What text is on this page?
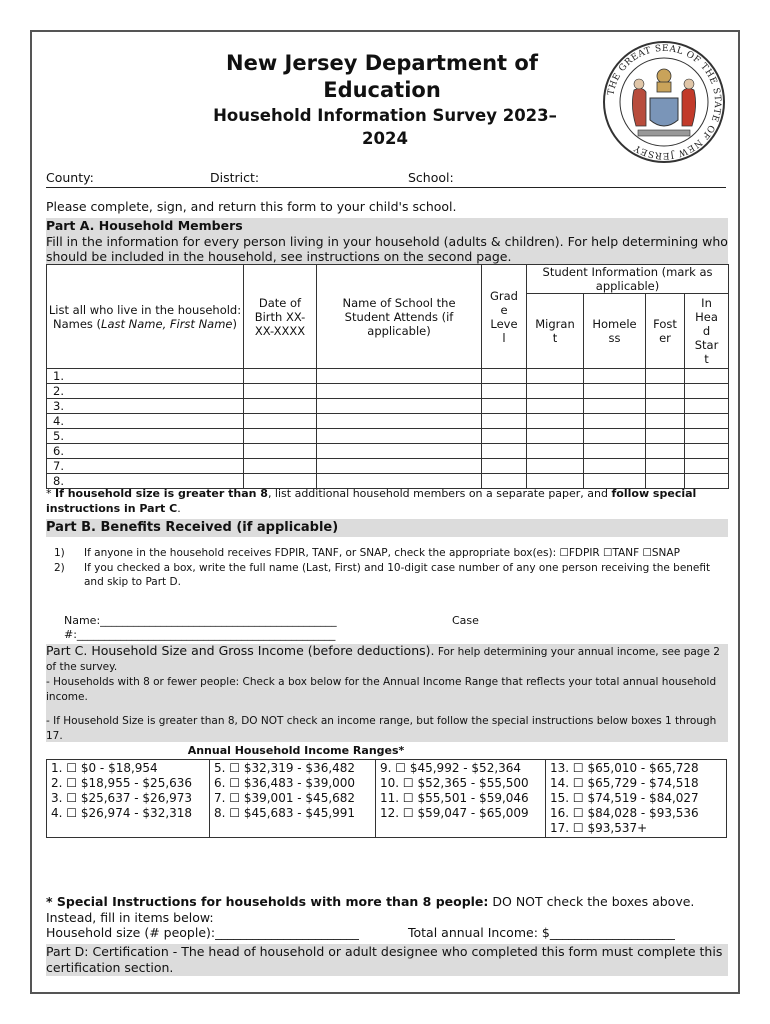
New Jersey Department of Education
Household Information Survey 2023–2024
THE GREAT SEAL OF THE STATE OF NEW JERSEY
County:	District:	School:
Please complete, sign, and return this form to your child's school.
Part A. Household Members
Fill in the information for every person living in your household (adults & children). For help determining who should be included in the household, see instructions on the second page.
List all who live in the household:
Names (Last Name, First Name)	Date of Birth XX-XX-XXXX	Name of School the Student Attends (if applicable)	Grad e Leve l	Student Information (mark as applicable)			
				Migran t	Homele ss	Fost er	In Hea d Star t
1.							
2.							
3.							
4.							
5.							
6.							
7.							
8.							
* If household size is greater than 8, list additional household members on a separate paper, and follow special instructions in Part C.
Part B. Benefits Received (if applicable)
1) If anyone in the household receives FDPIR, TANF, or SNAP, check the appropriate box(es): ☐FDPIR ☐TANF ☐SNAP
2) If you checked a box, write the full name (Last, First) and 10-digit case number of any one person receiving the benefit and skip to Part D.
Name:___________________________________________	Case
#:_______________________________________________
Part C. Household Size and Gross Income (before deductions). For help determining your annual income, see page 2 of the survey.
- Households with 8 or fewer people: Check a box below for the Annual Income Range that reflects your total annual household income.
- If Household Size is greater than 8, DO NOT check an income range, but follow the special instructions below boxes 1 through 17.
Annual Household Income Ranges*
1. ☐ $0 - $18,954
2. ☐ $18,955 - $25,636
3. ☐ $25,637 - $26,973
4. ☐ $26,974 - $32,318

5. ☐ $32,319 - $36,482
6. ☐ $36,483 - $39,000
7. ☐ $39,001 - $45,682
8. ☐ $45,683 - $45,991

9. ☐ $45,992 - $52,364
10. ☐ $52,365 - $55,500
11. ☐ $55,501 - $59,046
12. ☐ $59,047 - $65,009

13. ☐ $65,010 - $65,728
14. ☐ $65,729 - $74,518
15. ☐ $74,519 - $84,027
16. ☐ $84,028 - $93,536
17. ☐ $93,537+
* Special Instructions for households with more than 8 people: DO NOT check the boxes above. Instead, fill in items below:
Household size (# people):_______________________	Total annual Income: $____________________
Part D: Certification - The head of household or adult designee who completed this form must complete this certification section.
